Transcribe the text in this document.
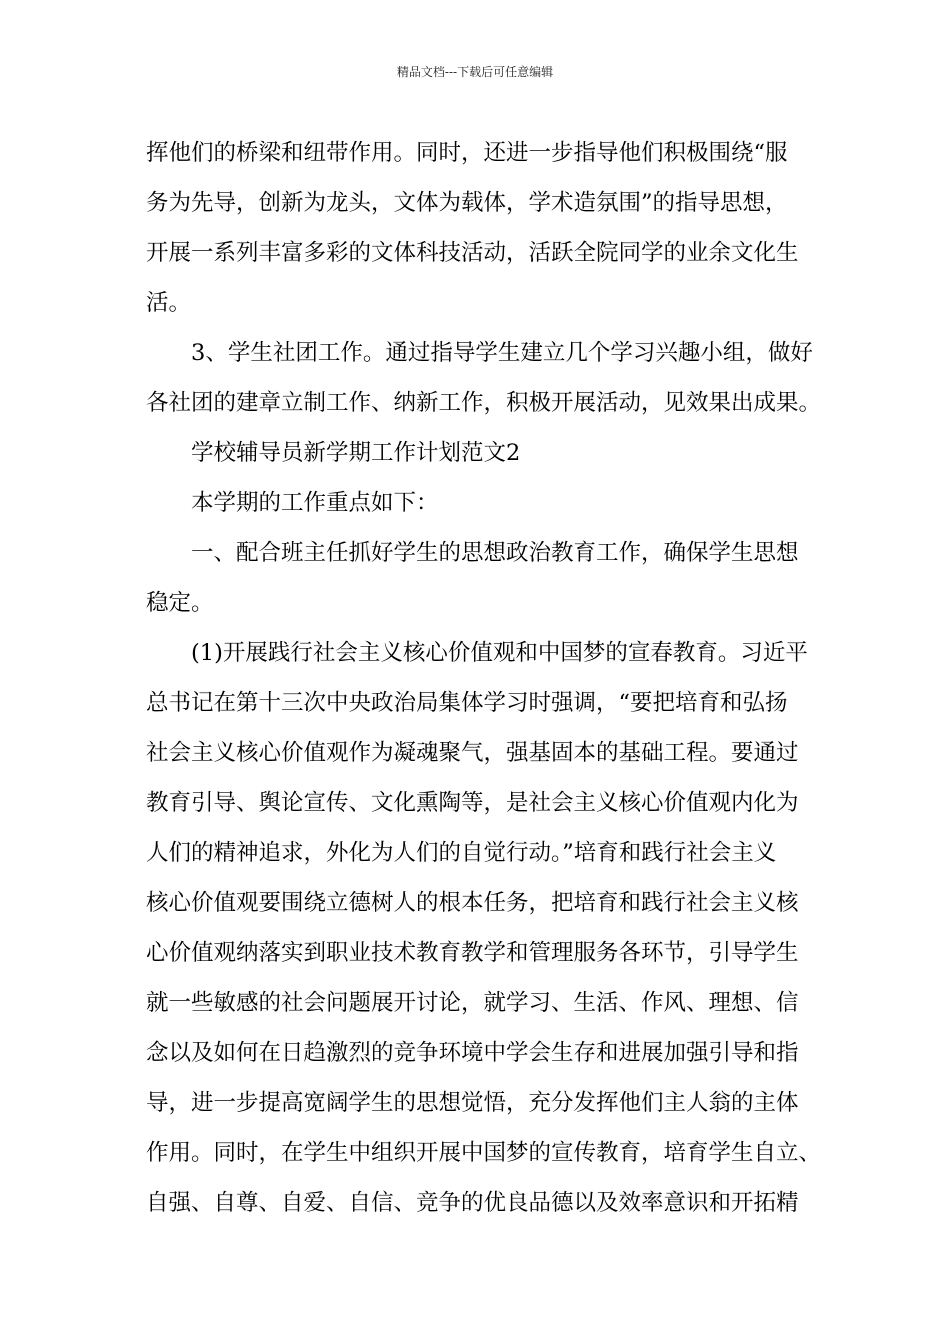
精品文档---下载后可任意编辑
挥他们的桥梁和纽带作用。同时，还进一步指导他们积极围绕“服
务为先导，创新为龙头，文体为载体，学术造氛围”的指导思想，
开展一系列丰富多彩的文体科技活动，活跃全院同学的业余文化生
活。
3、学生社团工作。通过指导学生建立几个学习兴趣小组，做好
各社团的建章立制工作、纳新工作，积极开展活动，见效果出成果。
学校辅导员新学期工作计划范文2
本学期的工作重点如下：
一、配合班主任抓好学生的思想政治教育工作，确保学生思想
稳定。
(1)开展践行社会主义核心价值观和中国梦的宣春教育。习近平
总书记在第十三次中央政治局集体学习时强调，“要把培育和弘扬
社会主义核心价值观作为凝魂聚气，强基固本的基础工程。要通过
教育引导、舆论宣传、文化熏陶等，是社会主义核心价值观内化为
人们的精神追求，外化为人们的自觉行动。”培育和践行社会主义
核心价值观要围绕立德树人的根本任务，把培育和践行社会主义核
心价值观纳落实到职业技术教育教学和管理服务各环节，引导学生
就一些敏感的社会问题展开讨论，就学习、生活、作风、理想、信
念以及如何在日趋激烈的竞争环境中学会生存和进展加强引导和指
导，进一步提高宽阔学生的思想觉悟，充分发挥他们主人翁的主体
作用。同时，在学生中组织开展中国梦的宣传教育，培育学生自立、
自强、自尊、自爱、自信、竞争的优良品德以及效率意识和开拓精
